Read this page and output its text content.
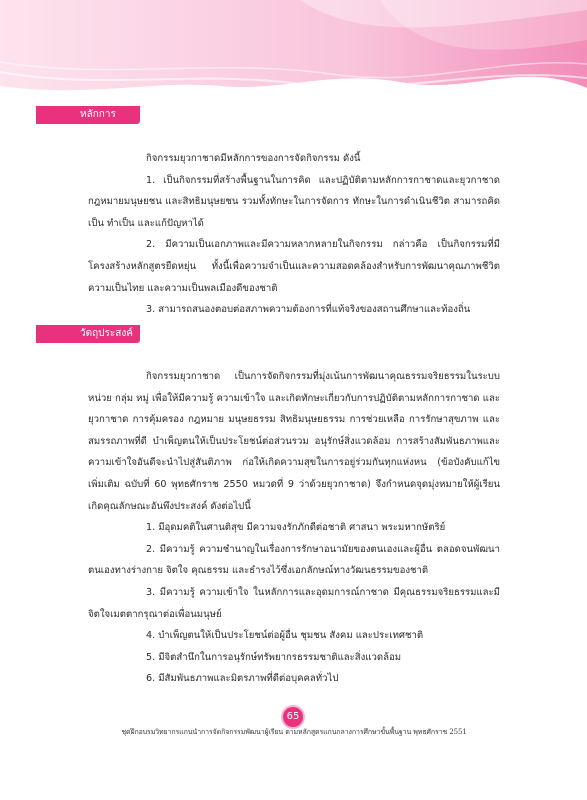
หลักการ

กิจกรรมยุวกาชาดมีหลักการของการจัดกิจกรรม ดังนี้

1. เป็นกิจกรรมที่สร้างพื้นฐานในการคิด และปฏิบัติตามหลักการกาชาดและยุวกาชาด กฎหมายมนุษยชน และสิทธิมนุษยชน รวมทั้งทักษะในการจัดการ ทักษะในการดำเนินชีวิต สามารถคิดเป็น ทำเป็น และแก้ปัญหาได้

2. มีความเป็นเอกภาพและมีความหลากหลายในกิจกรรม กล่าวคือ เป็นกิจกรรมที่มีโครงสร้างหลักสูตรยืดหยุ่น ทั้งนี้เพื่อความจำเป็นและความสอดคล้องสำหรับการพัฒนาคุณภาพชีวิต ความเป็นไทย และความเป็นพลเมืองดีของชาติ

3. สามารถสนองตอบต่อสภาพความต้องการที่แท้จริงของสถานศึกษาและท้องถิ่น

วัตถุประสงค์

กิจกรรมยุวกาชาด เป็นการจัดกิจกรรมที่มุ่งเน้นการพัฒนาคุณธรรมจริยธรรมในระบบ หน่วย กลุ่ม หมู่ เพื่อให้มีความรู้ ความเข้าใจ และเกิดทักษะเกี่ยวกับการปฏิบัติตามหลักการกาชาด และยุวกาชาด การคุ้มครอง กฎหมาย มนุษยธรรม สิทธิมนุษยธรรม การช่วยเหลือ การรักษาสุขภาพ และสมรรถภาพที่ดี บำเพ็ญตนให้เป็นประโยชน์ต่อส่วนรวม อนุรักษ์สิ่งแวดล้อม การสร้างสัมพันธภาพและความเข้าใจอันดีจะนำไปสู่สันติภาพ ก่อให้เกิดความสุขในการอยู่ร่วมกันทุกแห่งหน (ข้อบังคับแก้ไขเพิ่มเติม ฉบับที่ 60 พุทธศักราช 2550 หมวดที่ 9 ว่าด้วยยุวกาชาด) จึงกำหนดจุดมุ่งหมายให้ผู้เรียนเกิดคุณลักษณะอันพึงประสงค์ ดังต่อไปนี้

1. มีอุดมคติในศานติสุข มีความจงรักภักดีต่อชาติ ศาสนา พระมหากษัตริย์

2. มีความรู้ ความชำนาญในเรื่องการรักษาอนามัยของตนเองและผู้อื่น ตลอดจนพัฒนาตนเองทางร่างกาย จิตใจ คุณธรรม และธำรงไว้ซึ่งเอกลักษณ์ทางวัฒนธรรมของชาติ

3. มีความรู้ ความเข้าใจ ในหลักการและอุดมการณ์กาชาด มีคุณธรรมจริยธรรมและมีจิตใจเมตตากรุณาต่อเพื่อนมนุษย์

4. บำเพ็ญตนให้เป็นประโยชน์ต่อผู้อื่น ชุมชน สังคม และประเทศชาติ

5. มีจิตสำนึกในการอนุรักษ์ทรัพยากรธรรมชาติและสิ่งแวดล้อม

6. มีสัมพันธภาพและมิตรภาพที่ดีต่อบุคคลทั่วไป

65
ชุดฝึกอบรมวิทยากรแกนนำการจัดกิจกรรมพัฒนาผู้เรียน ตามหลักสูตรแกนกลางการศึกษาขั้นพื้นฐาน พุทธศักราช 2551
